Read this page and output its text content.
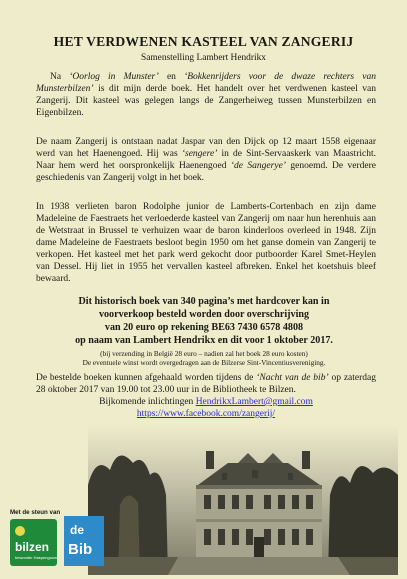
HET VERDWENEN KASTEEL VAN ZANGERIJ
Samenstelling Lambert Hendrikx

Na ‘Oorlog in Munster’ en ‘Bokkenrijders voor de dwaze rechters van Munsterbilzen’ is dit mijn derde boek. Het handelt over het verdwenen kasteel van Zangerij. Dit kasteel was gelegen langs de Zangerheiweg tussen Munsterbilzen en Eigenbilzen.

De naam Zangerij is ontstaan nadat Jaspar van den Dijck op 12 maart 1558 eigenaar werd van het Haenengoed. Hij was ‘sengere’ in de Sint-Servaaskerk van Maastricht. Naar hem werd het oorspronkelijk Haenengoed ‘de Sangerye’ genoemd. De verdere geschiedenis van Zangerij volgt in het boek.

In 1938 verlieten baron Rodolphe junior de Lamberts-Cortenbach en zijn dame Madeleine de Faestraets het verloederde kasteel van Zangerij om naar hun herenhuis aan de Wetstraat in Brussel te verhuizen waar de baron kinderloos overleed in 1948. Zijn dame Madeleine de Faestraets besloot begin 1950 om het ganse domein van Zangerij te verkopen. Het kasteel met het park werd gekocht door putboorder Karel Smet-Heylen van Dessel. Hij liet in 1955 het vervallen kasteel afbreken. Enkel het koetshuis bleef bewaard.

Dit historisch boek van 340 pagina’s met hardcover kan in
voorverkoop besteld worden door overschrijving
van 20 euro op rekening BE63 7430 6578 4808
op naam van Lambert Hendrikx en dit voor 1 oktober 2017.
(bij verzending in België 28 euro – nadien zal het boek 28 euro kosten)
De eventuele winst wordt overgedragen aan de Bilzerse Sint-Vincentiusvereniging.

De bestelde boeken kunnen afgehaald worden tijdens de ‘Nacht van de bib’ op zaterdag 28 oktober 2017 van 19.00 tot 23.00 uur in de Bibliotheek te Bilzen.

Bijkomende inlichtingen HendrikxLambert@gmail.com
https://www.facebook.com/zangerij/
Met de steun van
bilzen
bewonder Haspengouw
de
Bib
